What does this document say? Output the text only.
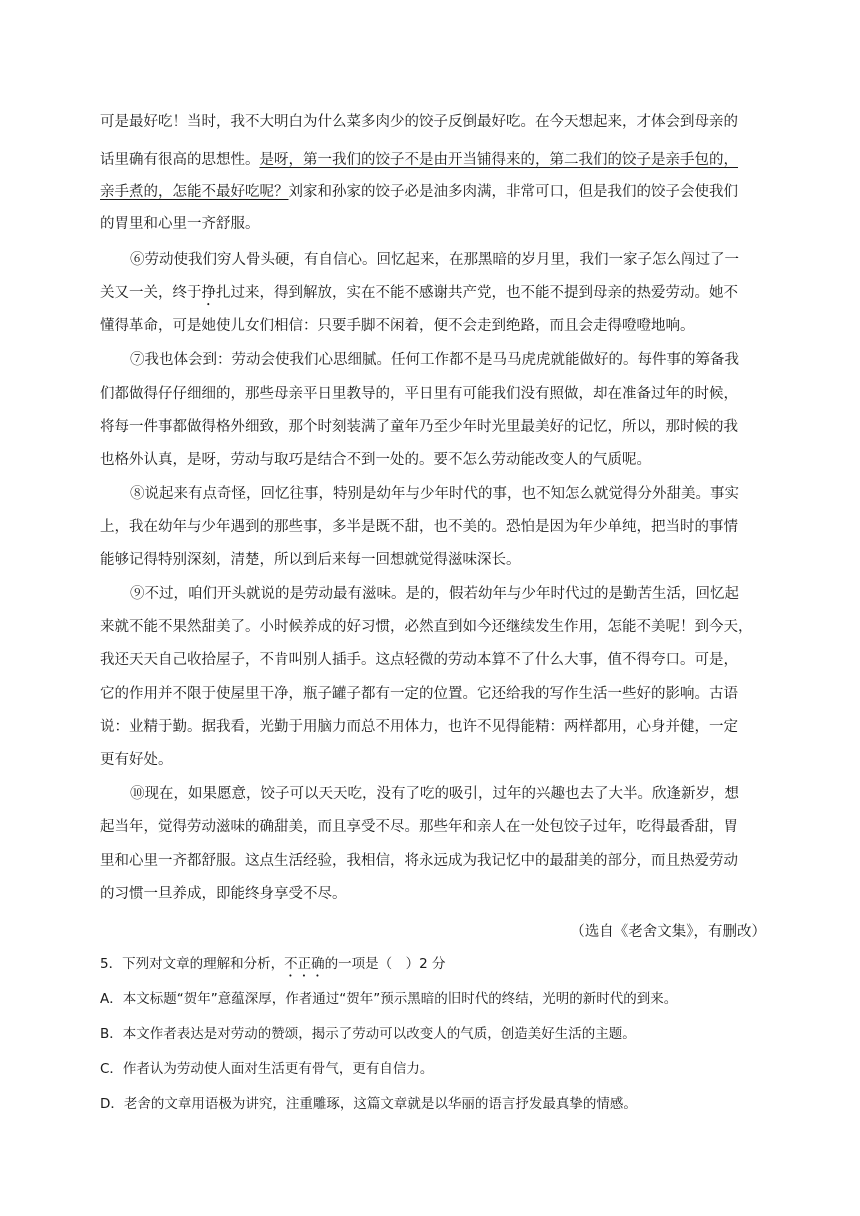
可是最好吃！当时，我不大明白为什么菜多肉少的饺子反倒最好吃。在今天想起来，才体会到母亲的
话里确有很高的思想性。是呀，第一我们的饺子不是由开当铺得来的，第二我们的饺子是亲手包的，
亲手煮的，怎能不最好吃呢？刘家和孙家的饺子必是油多肉满，非常可口，但是我们的饺子会使我们
的胃里和心里一齐舒服。
⑥劳动使我们穷人骨头硬，有自信心。回忆起来，在那黑暗的岁月里，我们一家子怎么闯过了一
关又一关，终于挣扎过来，得到解放，实在不能不感谢共产党，也不能不提到母亲的热爱劳动。她不
懂得革命，可是她使儿女们相信：只要手脚不闲着，便不会走到绝路，而且会走得噔噔地响。
⑦我也体会到：劳动会使我们心思细腻。任何工作都不是马马虎虎就能做好的。每件事的筹备我
们都做得仔仔细细的，那些母亲平日里教导的，平日里有可能我们没有照做，却在准备过年的时候，
将每一件事都做得格外细致，那个时刻装满了童年乃至少年时光里最美好的记忆，所以，那时候的我
也格外认真，是呀，劳动与取巧是结合不到一处的。要不怎么劳动能改变人的气质呢。
⑧说起来有点奇怪，回忆往事，特别是幼年与少年时代的事，也不知怎么就觉得分外甜美。事实
上，我在幼年与少年遇到的那些事，多半是既不甜，也不美的。恐怕是因为年少单纯，把当时的事情
能够记得特别深刻，清楚，所以到后来每一回想就觉得滋味深长。
⑨不过，咱们开头就说的是劳动最有滋味。是的，假若幼年与少年时代过的是勤苦生活，回忆起
来就不能不果然甜美了。小时候养成的好习惯，必然直到如今还继续发生作用，怎能不美呢！到今天，
我还天天自己收拾屋子，不肯叫别人插手。这点轻微的劳动本算不了什么大事，值不得夸口。可是，
它的作用并不限于使屋里干净，瓶子罐子都有一定的位置。它还给我的写作生活一些好的影响。古语
说：业精于勤。据我看，光勤于用脑力而总不用体力，也许不见得能精：两样都用，心身并健，一定
更有好处。
⑩现在，如果愿意，饺子可以天天吃，没有了吃的吸引，过年的兴趣也去了大半。欣逢新岁，想
起当年，觉得劳动滋味的确甜美，而且享受不尽。那些年和亲人在一处包饺子过年，吃得最香甜，胃
里和心里一齐都舒服。这点生活经验，我相信，将永远成为我记忆中的最甜美的部分，而且热爱劳动
的习惯一旦养成，即能终身享受不尽。
（选自《老舍文集》，有删改）
5．下列对文章的理解和分析，不正确的一项是（　）2 分
A．本文标题“贺年”意蕴深厚，作者通过“贺年”预示黑暗的旧时代的终结，光明的新时代的到来。
B．本文作者表达是对劳动的赞颂，揭示了劳动可以改变人的气质，创造美好生活的主题。
C．作者认为劳动使人面对生活更有骨气，更有自信力。
D．老舍的文章用语极为讲究，注重雕琢，这篇文章就是以华丽的语言抒发最真挚的情感。
